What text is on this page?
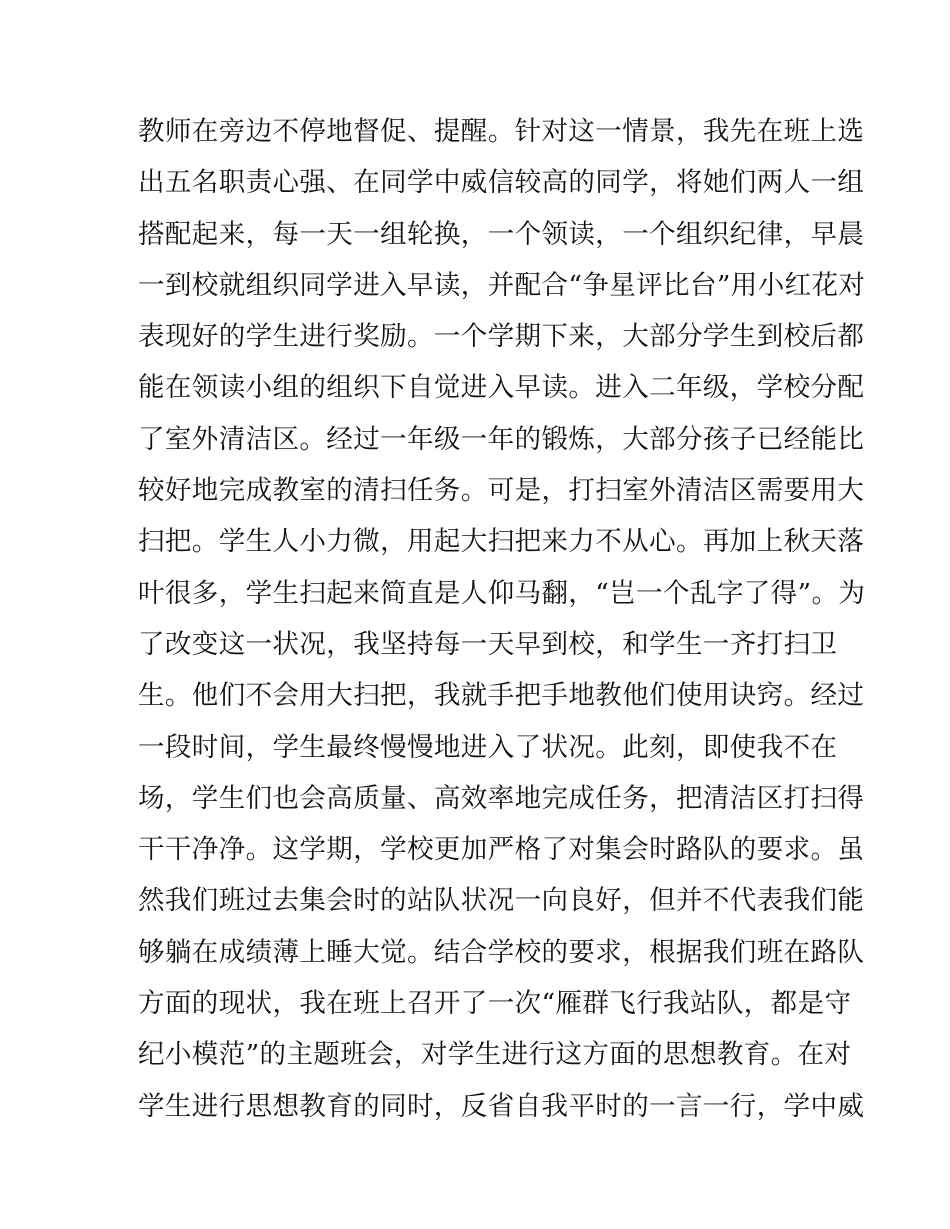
教师在旁边不停地督促、提醒。针对这一情景，我先在班上选
出五名职责心强、在同学中威信较高的同学，将她们两人一组
搭配起来，每一天一组轮换，一个领读，一个组织纪律，早晨
一到校就组织同学进入早读，并配合“争星评比台”用小红花对
表现好的学生进行奖励。一个学期下来，大部分学生到校后都
能在领读小组的组织下自觉进入早读。进入二年级，学校分配
了室外清洁区。经过一年级一年的锻炼，大部分孩子已经能比
较好地完成教室的清扫任务。可是，打扫室外清洁区需要用大
扫把。学生人小力微，用起大扫把来力不从心。再加上秋天落
叶很多，学生扫起来简直是人仰马翻，“岂一个乱字了得”。为
了改变这一状况，我坚持每一天早到校，和学生一齐打扫卫
生。他们不会用大扫把，我就手把手地教他们使用诀窍。经过
一段时间，学生最终慢慢地进入了状况。此刻，即使我不在
场，学生们也会高质量、高效率地完成任务，把清洁区打扫得
干干净净。这学期，学校更加严格了对集会时路队的要求。虽
然我们班过去集会时的站队状况一向良好，但并不代表我们能
够躺在成绩薄上睡大觉。结合学校的要求，根据我们班在路队
方面的现状，我在班上召开了一次“雁群飞行我站队，都是守
纪小模范”的主题班会，对学生进行这方面的思想教育。在对
学生进行思想教育的同时，反省自我平时的一言一行，学中威
